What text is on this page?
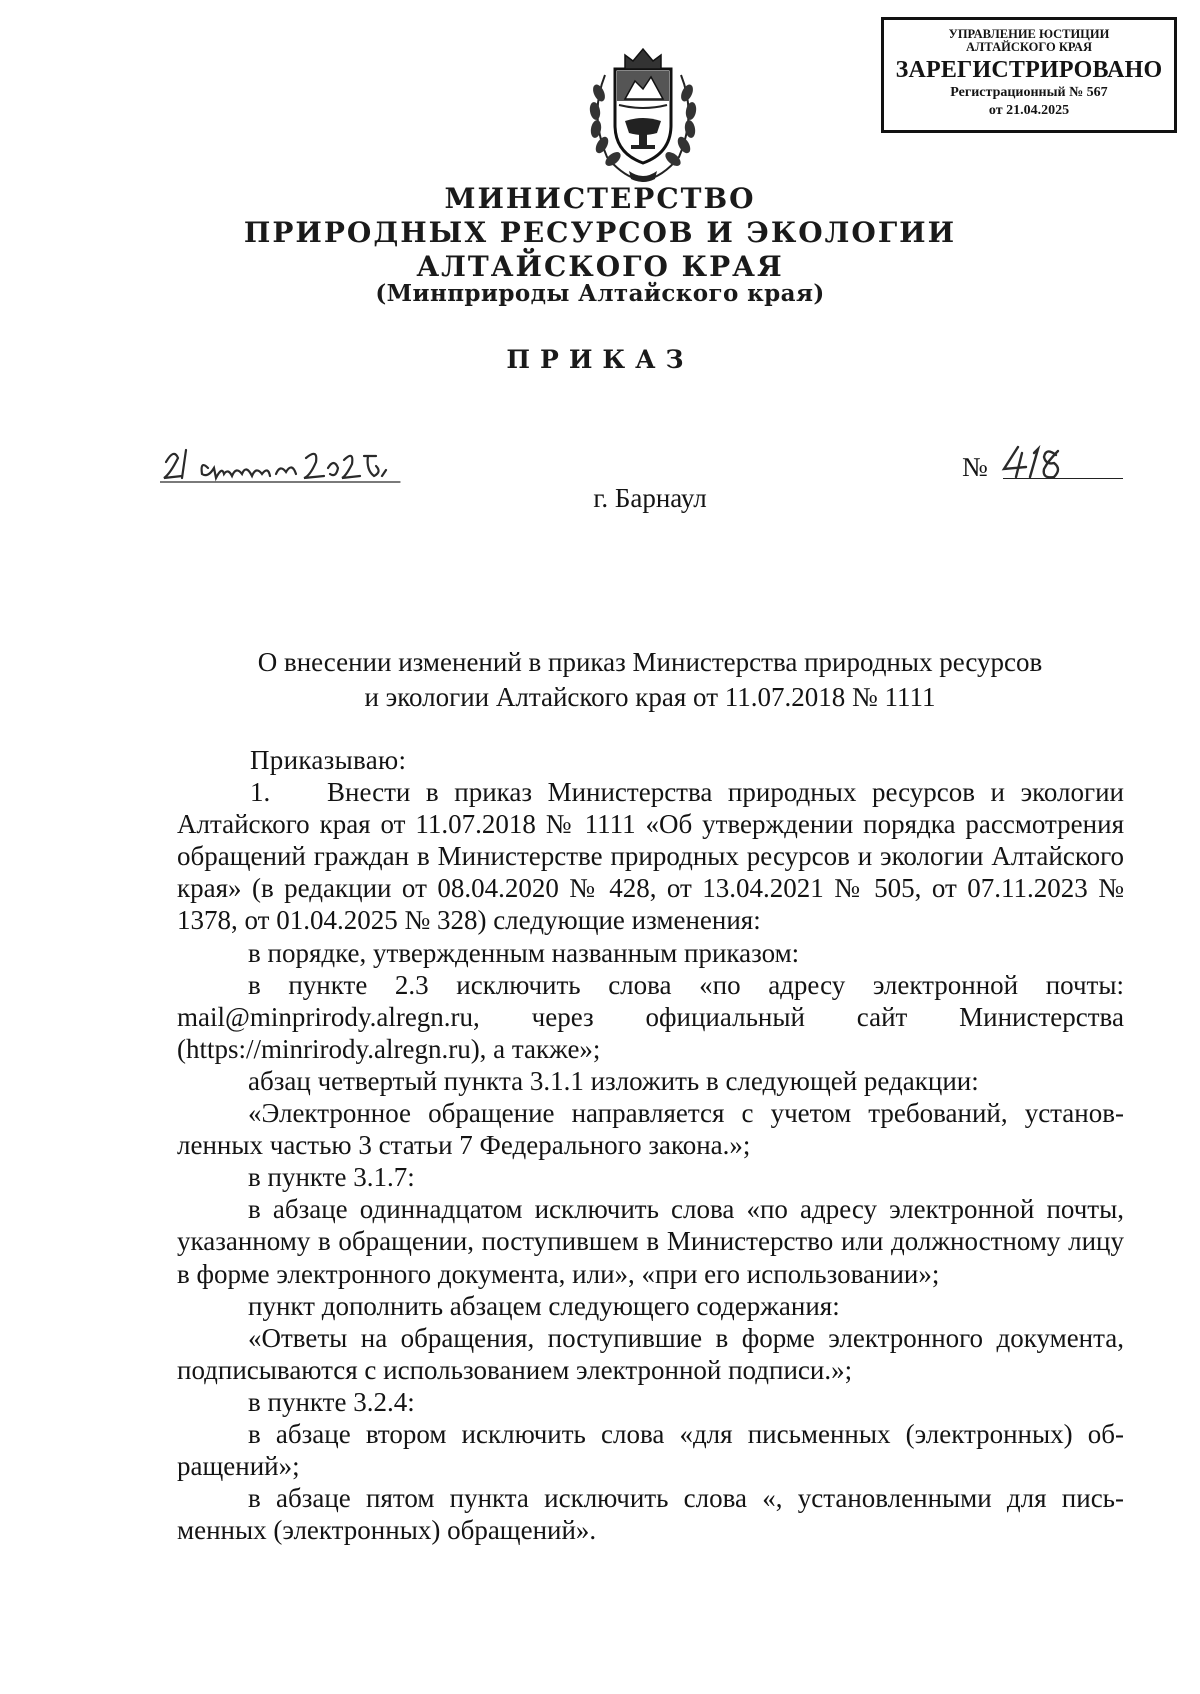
УПРАВЛЕНИЕ ЮСТИЦИИ
АЛТАЙСКОГО КРАЯ
ЗАРЕГИСТРИРОВАНО
Регистрационный № 567
от 21.04.2025
МИНИСТЕРСТВО
ПРИРОДНЫХ РЕСУРСОВ И ЭКОЛОГИИ
АЛТАЙСКОГО КРАЯ
(Минприроды Алтайского края)
ПРИКАЗ
№
г. Барнаул
О внесении изменений в приказ Министерства природных ресурсов
и экологии Алтайского края от 11.07.2018 № 1111

Приказываю:

1. Внести в приказ Министерства природных ресурсов и экологии Алтайского края от 11.07.2018 № 1111 «Об утверждении порядка рассмотрения обращений граждан в Министерстве природных ресурсов и экологии Алтайского края» (в редакции от 08.04.2020 № 428, от 13.04.2021 № 505, от 07.11.2023 № 1378, от 01.04.2025 № 328) следующие изменения:

в порядке, утвержденным названным приказом:

в пункте 2.3 исключить слова «по адресу электронной почты:

mail@minprirody.alregn.ru, через официальный сайт Министерства

(https://minrirody.alregn.ru), а также»;

абзац четвертый пункта 3.1.1 изложить в следующей редакции:

«Электронное обращение направляется с учетом требований, установленных частью 3 статьи 7 Федерального закона.»;

в пункте 3.1.7:

в абзаце одиннадцатом исключить слова «по адресу электронной почты, указанному в обращении, поступившем в Министерство или должностному лицу в форме электронного документа, или», «при его использовании»;

пункт дополнить абзацем следующего содержания:

«Ответы на обращения, поступившие в форме электронного документа, подписываются с использованием электронной подписи.»;

в пункте 3.2.4:

в абзаце втором исключить слова «для письменных (электронных) обращений»;

в абзаце пятом пункта исключить слова «, установленными для письменных (электронных) обращений».
